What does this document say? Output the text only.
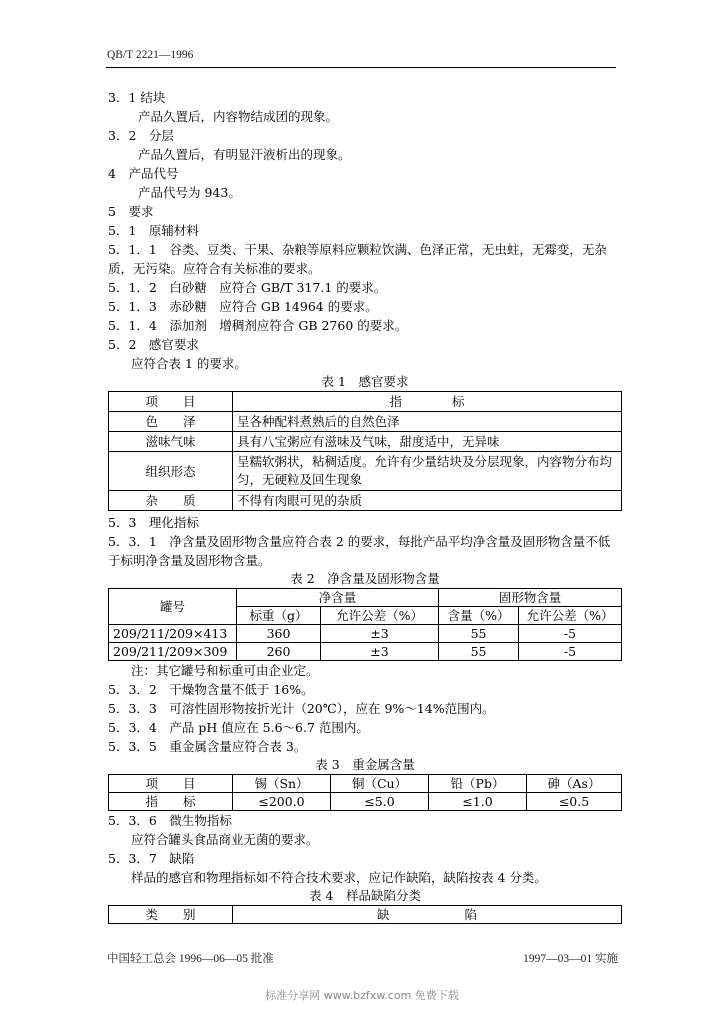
QB/T 2221—1996
3．1 结块
产品久置后，内容物结成团的现象。
3．2　分层
产品久置后，有明显汗液析出的现象。
4　产品代号
产品代号为 943。
5　要求
5．1　原辅材料
5．1．1　谷类、豆类、干果、杂粮等原料应颗粒饮满、色泽正常，无虫蛀，无霉变，无杂质，无污染。应符合有关标准的要求。
5．1．2　白砂糖　应符合 GB/T 317.1 的要求。
5．1．3　赤砂糖　应符合 GB 14964 的要求。
5．1．4　添加剂　增稠剂应符合 GB 2760 的要求。
5．2　感官要求
应符合表 1 的要求。
表 1　感官要求
项　　目	指　　　　标
色　　泽	呈各种配料煮熟后的自然色泽
滋味气味	具有八宝粥应有滋味及气味，甜度适中，无异味
组织形态	呈糯软粥状，粘稠适度。允许有少量结块及分层现象，内容物分布均匀，无硬粒及回生现象
杂　　质	不得有肉眼可见的杂质
5．3　理化指标
5．3．1　净含量及固形物含量应符合表 2 的要求，每批产品平均净含量及固形物含量不低于标明净含量及固形物含量。
表 2　净含量及固形物含量
罐号	净含量		固形物含量	
	标重（g）	允许公差（%）	含量（%）	允许公差（%）
209/211/209×413	360	±3	55	-5
209/211/209×309	260	±3	55	-5
注：其它罐号和标重可由企业定。
5．3．2　干燥物含量不低于 16%。
5．3．3　可溶性固形物按折光计（20℃），应在 9%～14%范围内。
5．3．4　产品 pH 值应在 5.6～6.7 范围内。
5．3．5　重金属含量应符合表 3。
表 3　重金属含量
项　　目	锡（Sn）	铜（Cu）	铅（Pb）	砷（As）
指　　标	≤200.0	≤5.0	≤1.0	≤0.5
5．3．6　微生物指标
应符合罐头食品商业无菌的要求。
5．3．7　缺陷
样品的感官和物理指标如不符合技术要求，应记作缺陷，缺陷按表 4 分类。
表 4　样品缺陷分类
类　　别	缺　　　　　　陷
中国轻工总会 1996—06—05 批准	1997—03—01 实施
标准分享网 www.bzfxw.com 免费下载
